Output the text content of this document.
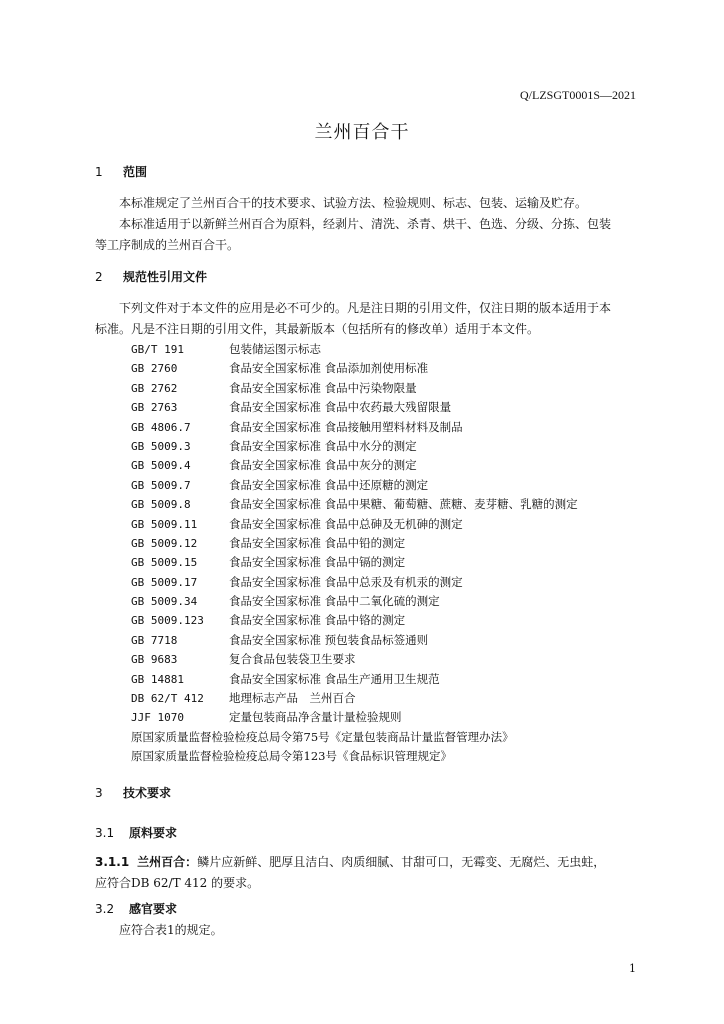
Q/LZSGT0001S—2021
兰州百合干
1 范围
本标准规定了兰州百合干的技术要求、试验方法、检验规则、标志、包装、运输及贮存。
本标准适用于以新鲜兰州百合为原料，经剥片、清洗、杀青、烘干、色选、分级、分拣、包装
等工序制成的兰州百合干。
2 规范性引用文件
下列文件对于本文件的应用是必不可少的。凡是注日期的引用文件，仅注日期的版本适用于本
标准。凡是不注日期的引用文件，其最新版本（包括所有的修改单）适用于本文件。
GB/T 191	包装储运图示标志
GB 2760	食品安全国家标准 食品添加剂使用标准
GB 2762	食品安全国家标准 食品中污染物限量
GB 2763	食品安全国家标准 食品中农药最大残留限量
GB 4806.7	食品安全国家标准 食品接触用塑料材料及制品
GB 5009.3	食品安全国家标准 食品中水分的测定
GB 5009.4	食品安全国家标准 食品中灰分的测定
GB 5009.7	食品安全国家标准 食品中还原糖的测定
GB 5009.8	食品安全国家标准 食品中果糖、葡萄糖、蔗糖、麦芽糖、乳糖的测定
GB 5009.11	食品安全国家标准 食品中总砷及无机砷的测定
GB 5009.12	食品安全国家标准 食品中铅的测定
GB 5009.15	食品安全国家标准 食品中镉的测定
GB 5009.17	食品安全国家标准 食品中总汞及有机汞的测定
GB 5009.34	食品安全国家标准 食品中二氧化硫的测定
GB 5009.123 食品安全国家标准 食品中铬的测定
GB 7718	食品安全国家标准 预包装食品标签通则
GB 9683	复合食品包装袋卫生要求
GB 14881	食品安全国家标准 食品生产通用卫生规范
DB 62/T 412 地理标志产品　兰州百合
JJF 1070	定量包装商品净含量计量检验规则
原国家质量监督检验检疫总局令第75号《定量包装商品计量监督管理办法》
原国家质量监督检验检疫总局令第123号《食品标识管理规定》
3 技术要求
3.1 原料要求
3.1.1 兰州百合：鳞片应新鲜、肥厚且洁白、肉质细腻、甘甜可口，无霉变、无腐烂、无虫蛀，
应符合DB 62/T 412 的要求。
3.2 感官要求
应符合表1的规定。
1
